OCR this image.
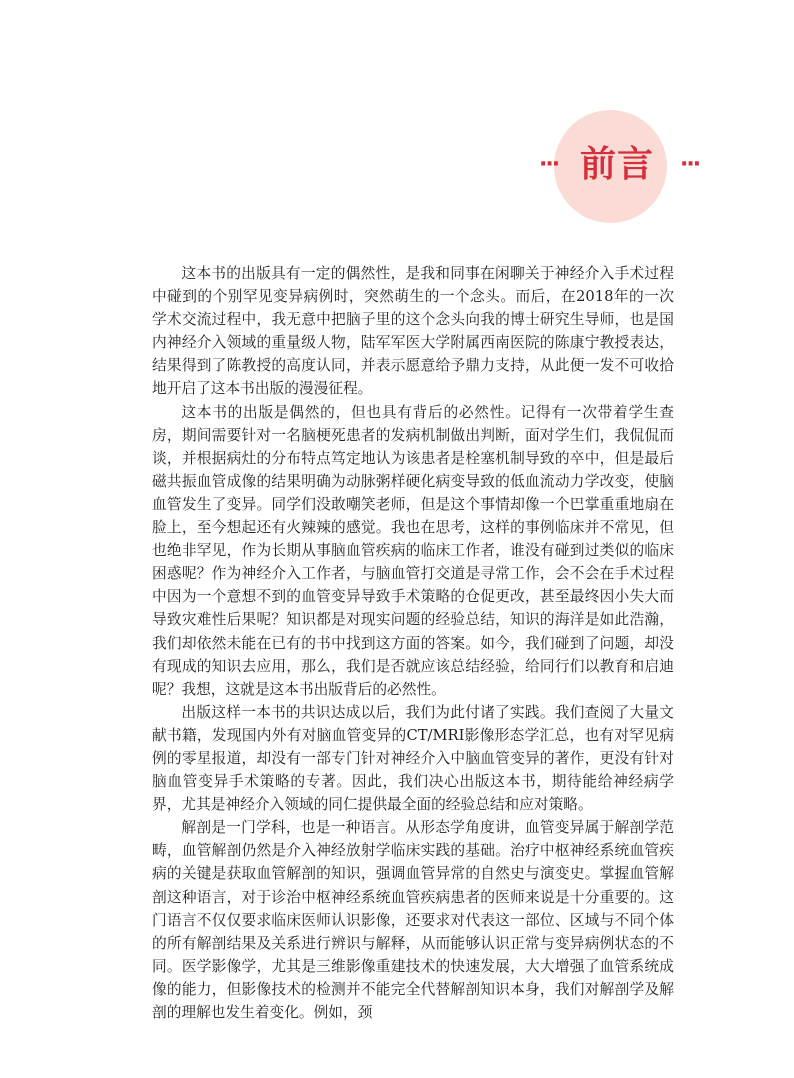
··· 前言 ···

这本书的出版具有一定的偶然性，是我和同事在闲聊关于神经介入手术过程中碰到的个别罕见变异病例时，突然萌生的一个念头。而后，在2018年的一次学术交流过程中，我无意中把脑子里的这个念头向我的博士研究生导师，也是国内神经介入领域的重量级人物，陆军军医大学附属西南医院的陈康宁教授表达，结果得到了陈教授的高度认同，并表示愿意给予鼎力支持，从此便一发不可收拾地开启了这本书出版的漫漫征程。

这本书的出版是偶然的，但也具有背后的必然性。记得有一次带着学生查房，期间需要针对一名脑梗死患者的发病机制做出判断，面对学生们，我侃侃而谈，并根据病灶的分布特点笃定地认为该患者是栓塞机制导致的卒中，但是最后磁共振血管成像的结果明确为动脉粥样硬化病变导致的低血流动力学改变，使脑血管发生了变异。同学们没敢嘲笑老师，但是这个事情却像一个巴掌重重地扇在脸上，至今想起还有火辣辣的感觉。我也在思考，这样的事例临床并不常见，但也绝非罕见，作为长期从事脑血管疾病的临床工作者，谁没有碰到过类似的临床困惑呢？作为神经介入工作者，与脑血管打交道是寻常工作，会不会在手术过程中因为一个意想不到的血管变异导致手术策略的仓促更改，甚至最终因小失大而导致灾难性后果呢？知识都是对现实问题的经验总结，知识的海洋是如此浩瀚，我们却依然未能在已有的书中找到这方面的答案。如今，我们碰到了问题，却没有现成的知识去应用，那么，我们是否就应该总结经验，给同行们以教育和启迪呢？我想，这就是这本书出版背后的必然性。

出版这样一本书的共识达成以后，我们为此付诸了实践。我们查阅了大量文献书籍，发现国内外有对脑血管变异的CT/MRI影像形态学汇总，也有对罕见病例的零星报道，却没有一部专门针对神经介入中脑血管变异的著作，更没有针对脑血管变异手术策略的专著。因此，我们决心出版这本书，期待能给神经病学界，尤其是神经介入领域的同仁提供最全面的经验总结和应对策略。

解剖是一门学科，也是一种语言。从形态学角度讲，血管变异属于解剖学范畴，血管解剖仍然是介入神经放射学临床实践的基础。治疗中枢神经系统血管疾病的关键是获取血管解剖的知识，强调血管异常的自然史与演变史。掌握血管解剖这种语言，对于诊治中枢神经系统血管疾病患者的医师来说是十分重要的。这门语言不仅仅要求临床医师认识影像，还要求对代表这一部位、区域与不同个体的所有解剖结果及关系进行辨识与解释，从而能够认识正常与变异病例状态的不同。医学影像学，尤其是三维影像重建技术的快速发展，大大增强了血管系统成像的能力，但影像技术的检测并不能完全代替解剖知识本身，我们对解剖学及解剖的理解也发生着变化。例如，颈
